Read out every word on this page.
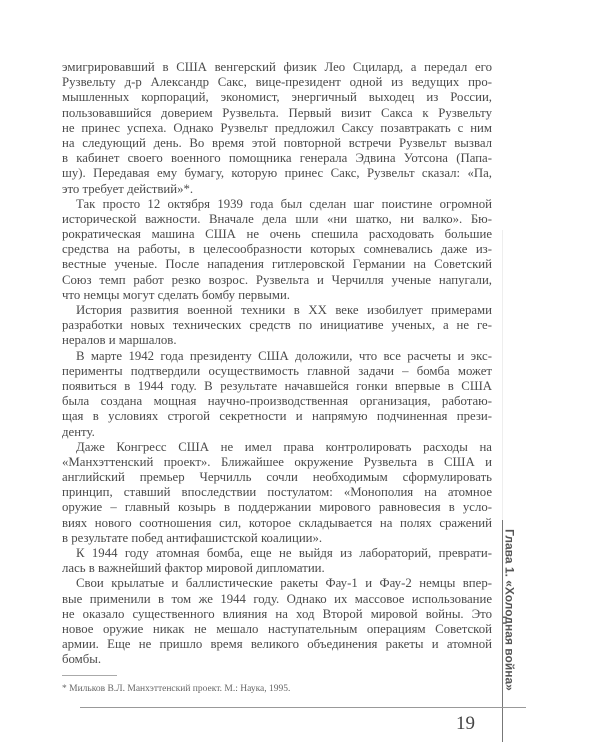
эмигрировавший в США венгерский физик Лео Сцилард, а передал его
Рузвельту д-р Александр Сакс, вице-президент одной из ведущих про-
мышленных корпораций, экономист, энергичный выходец из России,
пользовавшийся доверием Рузвельта. Первый визит Сакса к Рузвельту
не принес успеха. Однако Рузвельт предложил Саксу позавтракать с ним
на следующий день. Во время этой повторной встречи Рузвельт вызвал
в кабинет своего военного помощника генерала Эдвина Уотсона (Папа-
шу). Передавая ему бумагу, которую принес Сакс, Рузвельт сказал: «Па,
это требует действий»*.
Так просто 12 октября 1939 года был сделан шаг поистине огромной
исторической важности. Вначале дела шли «ни шатко, ни валко». Бю-
рократическая машина США не очень спешила расходовать большие
средства на работы, в целесообразности которых сомневались даже из-
вестные ученые. После нападения гитлеровской Германии на Советский
Союз темп работ резко возрос. Рузвельта и Черчилля ученые напугали,
что немцы могут сделать бомбу первыми.
История развития военной техники в XX веке изобилует примерами
разработки новых технических средств по инициативе ученых, а не ге-
нералов и маршалов.
В марте 1942 года президенту США доложили, что все расчеты и экс-
перименты подтвердили осуществимость главной задачи – бомба может
появиться в 1944 году. В результате начавшейся гонки впервые в США
была создана мощная научно-производственная организация, работаю-
щая в условиях строгой секретности и напрямую подчиненная прези-
денту.
Даже Конгресс США не имел права контролировать расходы на
«Манхэттенский проект». Ближайшее окружение Рузвельта в США и
английский премьер Черчилль сочли необходимым сформулировать
принцип, ставший впоследствии постулатом: «Монополия на атомное
оружие – главный козырь в поддержании мирового равновесия в усло-
виях нового соотношения сил, которое складывается на полях сражений
в результате побед антифашистской коалиции».
К 1944 году атомная бомба, еще не выйдя из лабораторий, преврати-
лась в важнейший фактор мировой дипломатии.
Свои крылатые и баллистические ракеты Фау-1 и Фау-2 немцы впер-
вые применили в том же 1944 году. Однако их массовое использование
не оказало существенного влияния на ход Второй мировой войны. Это
новое оружие никак не мешало наступательным операциям Советской
армии. Еще не пришло время великого объединения ракеты и атомной
бомбы.
* Мильков В.Л. Манхэттенский проект. М.: Наука, 1995.
19
Глава 1. «Холодная война»
